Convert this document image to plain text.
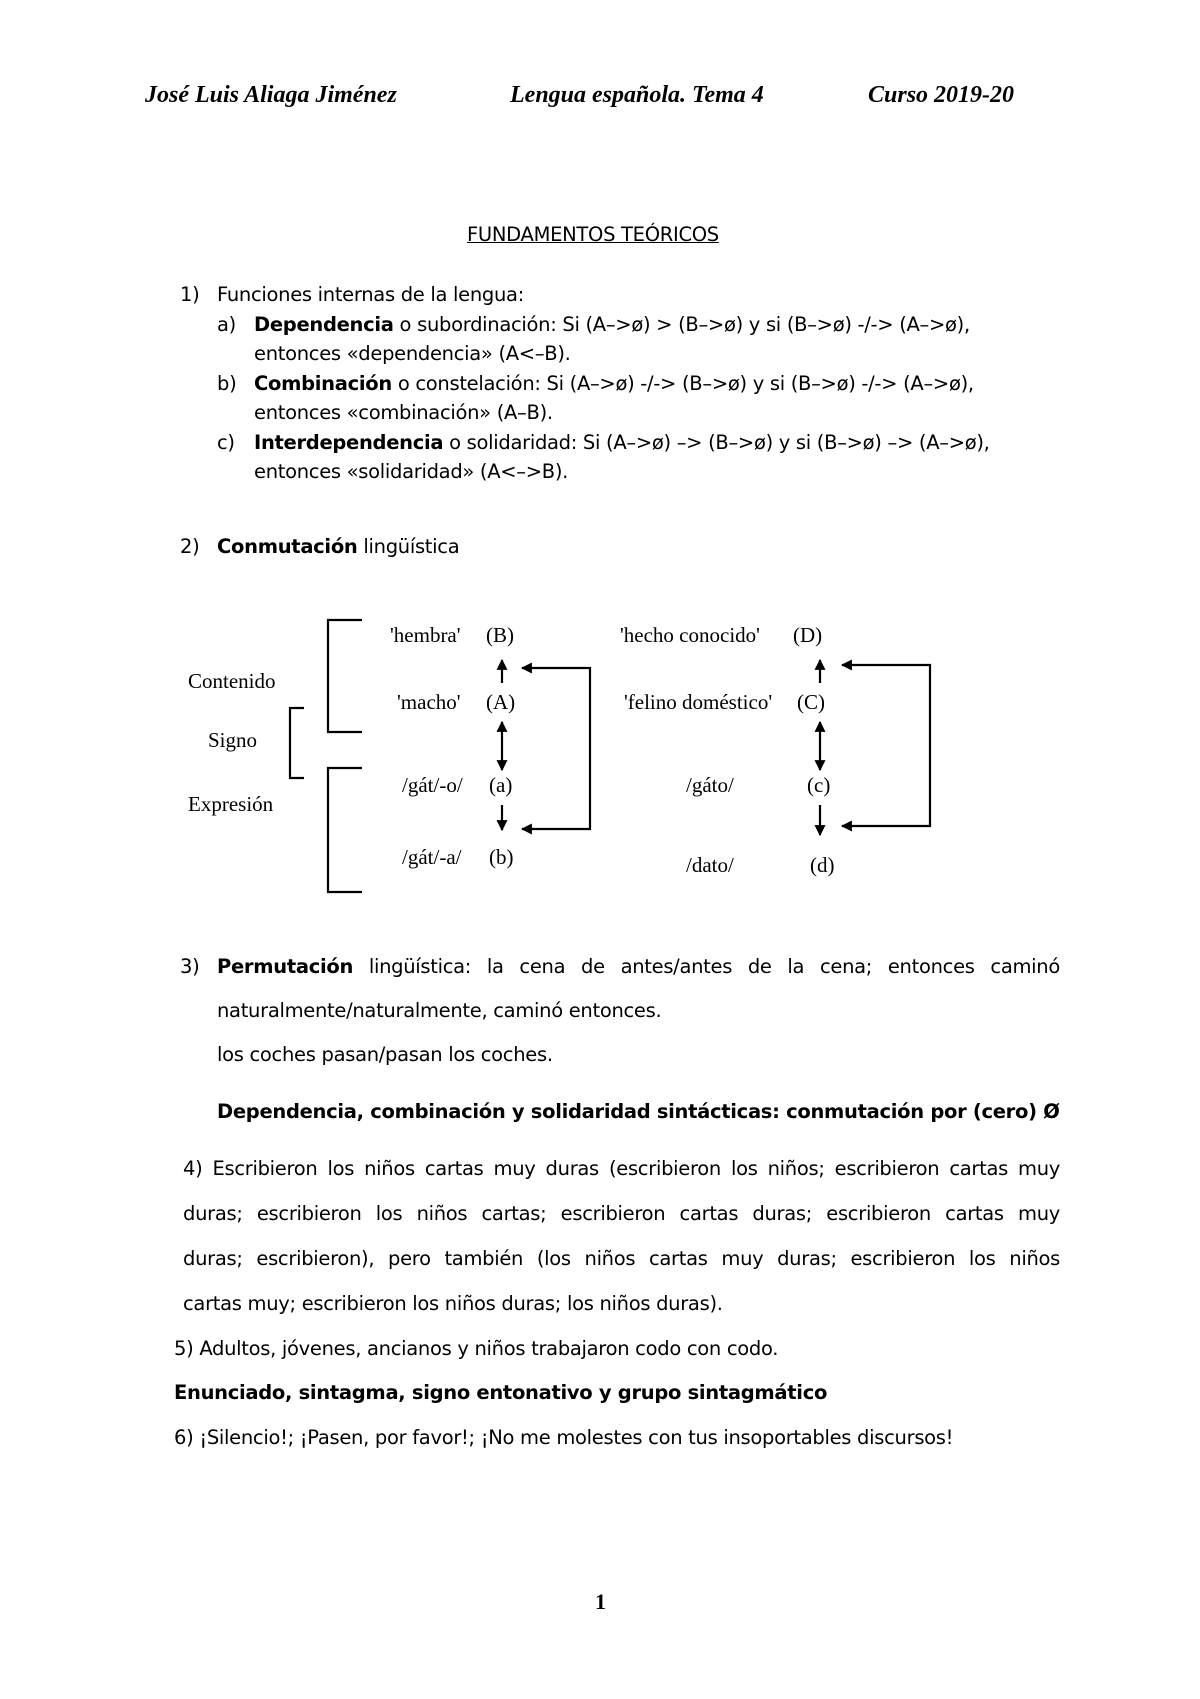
José Luis Aliaga Jiménez	Lengua española. Tema 4	Curso 2019-20
FUNDAMENTOS TEÓRICOS
1) Funciones internas de la lengua:
a) Dependencia o subordinación: Si (A–>ø) > (B–>ø) y si (B–>ø) -/-> (A–>ø),
entonces «dependencia» (A<–B).
b) Combinación o constelación: Si (A–>ø) -/-> (B–>ø) y si (B–>ø) -/-> (A–>ø),
entonces «combinación» (A–B).
c) Interdependencia o solidaridad: Si (A–>ø) –> (B–>ø) y si (B–>ø) –> (A–>ø),
entonces «solidaridad» (A<–>B).
2) Conmutación lingüística
Contenido
Signo
Expresión
'hembra' (B)
'macho' (A)
/gát/-o/ (a)
/gát/-a/ (b)
'hecho conocido' (D)
'felino doméstico' (C)
/gáto/	(c)
/dato/	(d)
3) Permutación lingüística: la cena de antes/antes de la cena; entonces caminó
naturalmente/naturalmente, caminó entonces.
los coches pasan/pasan los coches.
Dependencia, combinación y solidaridad sintácticas: conmutación por (cero) Ø
4) Escribieron los niños cartas muy duras (escribieron los niños; escribieron cartas muy
duras; escribieron los niños cartas; escribieron cartas duras; escribieron cartas muy
duras; escribieron), pero también (los niños cartas muy duras; escribieron los niños
cartas muy; escribieron los niños duras; los niños duras).
5) Adultos, jóvenes, ancianos y niños trabajaron codo con codo.
Enunciado, sintagma, signo entonativo y grupo sintagmático
6) ¡Silencio!; ¡Pasen, por favor!; ¡No me molestes con tus insoportables discursos!
1
